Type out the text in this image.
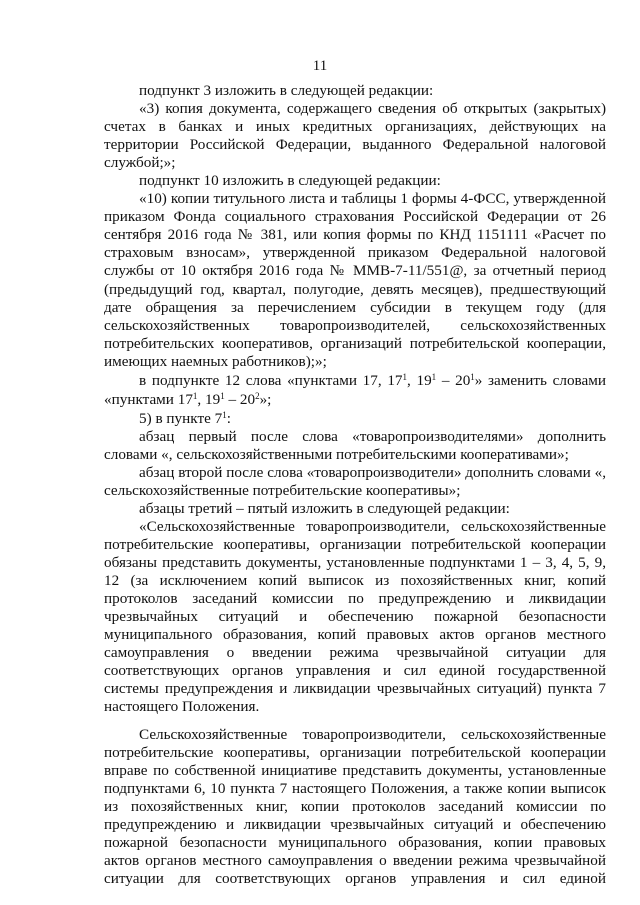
11

подпункт 3 изложить в следующей редакции:

«3) копия документа, содержащего сведения об открытых (закрытых) счетах в банках и иных кредитных организациях, действующих на территории Российской Федерации, выданного Федеральной налоговой службой;»;

подпункт 10 изложить в следующей редакции:

«10) копии титульного листа и таблицы 1 формы 4-ФСС, утвержденной приказом Фонда социального страхования Российской Федерации от 26 сентября 2016 года № 381, или копия формы по КНД 1151111 «Расчет по страховым взносам», утвержденной приказом Федеральной налоговой службы от 10 октября 2016 года № ММВ-7-11/551@, за отчетный период (предыдущий год, квартал, полугодие, девять месяцев), предшествующий дате обращения за перечислением субсидии в текущем году (для сельскохозяйственных товаропроизводителей, сельскохозяйственных потребительских кооперативов, организаций потребительской кооперации, имеющих наемных работников);»;

в подпункте 12 слова «пунктами 17, $17^1$, $19^1 - 20^1$» заменить словами «пунктами $17^1$, $19^1 - 20^2$»;

5) в пункте $7^1$:

абзац первый после слова «товаропроизводителями» дополнить словами «, сельскохозяйственными потребительскими кооперативами»;

абзац второй после слова «товаропроизводители» дополнить словами «, сельскохозяйственные потребительские кооперативы»;

абзацы третий – пятый изложить в следующей редакции:

«Сельскохозяйственные товаропроизводители, сельскохозяйственные потребительские кооперативы, организации потребительской кооперации обязаны представить документы, установленные подпунктами 1 – 3, 4, 5, 9, 12 (за исключением копий выписок из похозяйственных книг, копий протоколов заседаний комиссии по предупреждению и ликвидации чрезвычайных ситуаций и обеспечению пожарной безопасности муниципального образования, копий правовых актов органов местного самоуправления о введении режима чрезвычайной ситуации для соответствующих органов управления и сил единой государственной системы предупреждения и ликвидации чрезвычайных ситуаций) пункта 7 настоящего Положения.

Сельскохозяйственные товаропроизводители, сельскохозяйственные потребительские кооперативы, организации потребительской кооперации вправе по собственной инициативе представить документы, установленные подпунктами 6, 10 пункта 7 настоящего Положения, а также копии выписок из похозяйственных книг, копии протоколов заседаний комиссии по предупреждению и ликвидации чрезвычайных ситуаций и обеспечению пожарной безопасности муниципального образования, копии правовых актов органов местного самоуправления о введении режима чрезвычайной ситуации для соответствующих органов управления и сил единой
